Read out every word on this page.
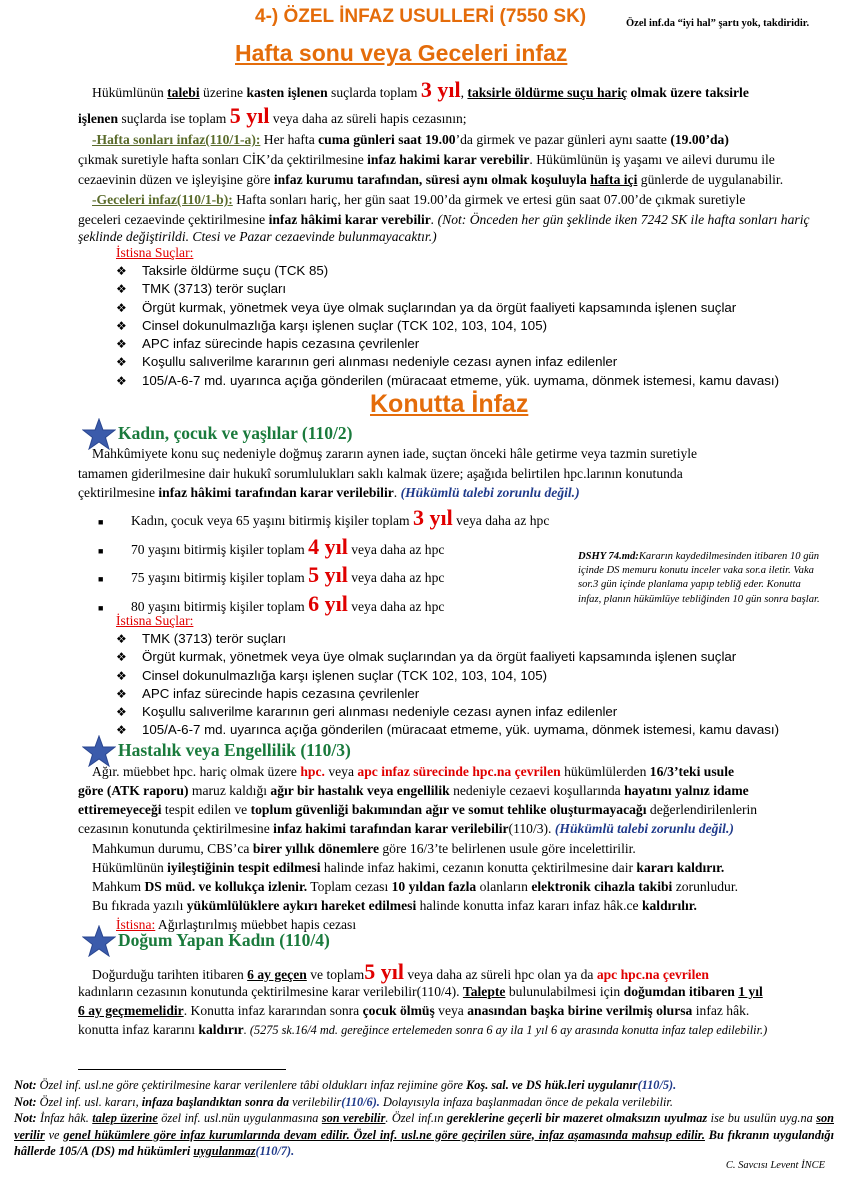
4-) ÖZEL İNFAZ USULLERİ (7550 SK)	Özel inf.da “iyi hal” şartı yok, takdiridir.
Hafta sonu veya Geceleri infaz
Hükümlünün talebi üzerine kasten işlenen suçlarda toplam 3 yıl, taksirle öldürme suçu hariç olmak üzere taksirle
işlenen suçlarda ise toplam 5 yıl veya daha az süreli hapis cezasının;
-Hafta sonları infaz(110/1-a): Her hafta cuma günleri saat 19.00’da girmek ve pazar günleri aynı saatte (19.00’da)
çıkmak suretiyle hafta sonları CİK’da çektirilmesine infaz hakimi karar verebilir. Hükümlünün iş yaşamı ve ailevi durumu ile
cezaevinin düzen ve işleyişine göre infaz kurumu tarafından, süresi aynı olmak koşuluyla hafta içi günlerde de uygulanabilir.
-Geceleri infaz(110/1-b): Hafta sonları hariç, her gün saat 19.00’da girmek ve ertesi gün saat 07.00’de çıkmak suretiyle
geceleri cezaevinde çektirilmesine infaz hâkimi karar verebilir. (Not: Önceden her gün şeklinde iken 7242 SK ile hafta sonları hariç
şeklinde değiştirildi. Ctesi ve Pazar cezaevinde bulunmayacaktır.)
İstisna Suçlar:
❖ Taksirle öldürme suçu (TCK 85)
❖ TMK (3713) terör suçları
❖ Örgüt kurmak, yönetmek veya üye olmak suçlarından ya da örgüt faaliyeti kapsamında işlenen suçlar
❖ Cinsel dokunulmazlığa karşı işlenen suçlar (TCK 102, 103, 104, 105)
❖ APC infaz sürecinde hapis cezasına çevrilenler
❖ Koşullu salıverilme kararının geri alınması nedeniyle cezası aynen infaz edilenler
❖ 105/A-6-7 md. uyarınca açığa gönderilen (müracaat etmeme, yük. uymama, dönmek istemesi, kamu davası)
Konutta İnfaz
Kadın, çocuk ve yaşlılar (110/2)
Mahkûmiyete konu suç nedeniyle doğmuş zararın aynen iade, suçtan önceki hâle getirme veya tazmin suretiyle
tamamen giderilmesine dair hukukî sorumlulukları saklı kalmak üzere; aşağıda belirtilen hpc.larının konutunda
çektirilmesine infaz hâkimi tarafından karar verilebilir. (Hükümlü talebi zorunlu değil.)
■ Kadın, çocuk veya 65 yaşını bitirmiş kişiler toplam 3 yıl veya daha az hpc
■ 70 yaşını bitirmiş kişiler toplam 4 yıl veya daha az hpc
■ 75 yaşını bitirmiş kişiler toplam 5 yıl veya daha az hpc
■ 80 yaşını bitirmiş kişiler toplam 6 yıl veya daha az hpc
DSHY 74.md:Kararın kaydedilmesinden itibaren 10 gün içinde DS memuru konutu inceler vaka sor.a iletir. Vaka sor.3 gün içinde planlama yapıp tebliğ eder. Konutta infaz, planın hükümlüye tebliğinden 10 gün sonra başlar.
İstisna Suçlar:
❖ TMK (3713) terör suçları
❖ Örgüt kurmak, yönetmek veya üye olmak suçlarından ya da örgüt faaliyeti kapsamında işlenen suçlar
❖ Cinsel dokunulmazlığa karşı işlenen suçlar (TCK 102, 103, 104, 105)
❖ APC infaz sürecinde hapis cezasına çevrilenler
❖ Koşullu salıverilme kararının geri alınması nedeniyle cezası aynen infaz edilenler
❖ 105/A-6-7 md. uyarınca açığa gönderilen (müracaat etmeme, yük. uymama, dönmek istemesi, kamu davası)
Hastalık veya Engellilik (110/3)
Ağır. müebbet hpc. hariç olmak üzere hpc. veya apc infaz sürecinde hpc.na çevrilen hükümlülerden 16/3’teki usule
göre (ATK raporu) maruz kaldığı ağır bir hastalık veya engellilik nedeniyle cezaevi koşullarında hayatını yalnız idame
ettiremeyeceği tespit edilen ve toplum güvenliği bakımından ağır ve somut tehlike oluşturmayacağı değerlendirilenlerin
cezasının konutunda çektirilmesine infaz hakimi tarafından karar verilebilir(110/3). (Hükümlü talebi zorunlu değil.)
Mahkumun durumu, CBS’ca birer yıllık dönemlere göre 16/3’te belirlenen usule göre incelettirilir.
Hükümlünün iyileştiğinin tespit edilmesi halinde infaz hakimi, cezanın konutta çektirilmesine dair kararı kaldırır.
Mahkum DS müd. ve kollukça izlenir. Toplam cezası 10 yıldan fazla olanların elektronik cihazla takibi zorunludur.
Bu fıkrada yazılı yükümlülüklere aykırı hareket edilmesi halinde konutta infaz kararı infaz hâk.ce kaldırılır.
İstisna: Ağırlaştırılmış müebbet hapis cezası
Doğum Yapan Kadın (110/4)
Doğurduğu tarihten itibaren 6 ay geçen ve toplam5 yıl veya daha az süreli hpc olan ya da apc hpc.na çevrilen
kadınların cezasının konutunda çektirilmesine karar verilebilir(110/4). Talepte bulunulabilmesi için doğumdan itibaren 1 yıl
6 ay geçmemelidir. Konutta infaz kararından sonra çocuk ölmüş veya anasından başka birine verilmiş olursa infaz hâk.
konutta infaz kararını kaldırır. (5275 sk.16/4 md. gereğince ertelemeden sonra 6 ay ila 1 yıl 6 ay arasında konutta infaz talep edilebilir.)
Not: Özel inf. usl.ne göre çektirilmesine karar verilenlere tâbi oldukları infaz rejimine göre Koş. sal. ve DS hük.leri uygulanır(110/5).
Not: Özel inf. usl. kararı, infaza başlandıktan sonra da verilebilir(110/6). Dolayısıyla infaza başlanmadan önce de pekala verilebilir.
Not: İnfaz hâk. talep üzerine özel inf. usl.nün uygulanmasına son verebilir. Özel inf.ın gereklerine geçerli bir mazeret olmaksızın uyulmaz ise bu usulün uyg.na son verilir ve genel hükümlere göre infaz kurumlarında devam edilir. Özel inf. usl.ne göre geçirilen süre, infaz aşamasında mahsup edilir. Bu fıkranın uygulandığı hâllerde 105/A (DS) md hükümleri uygulanmaz(110/7).
C. Savcısı Levent İNCE
